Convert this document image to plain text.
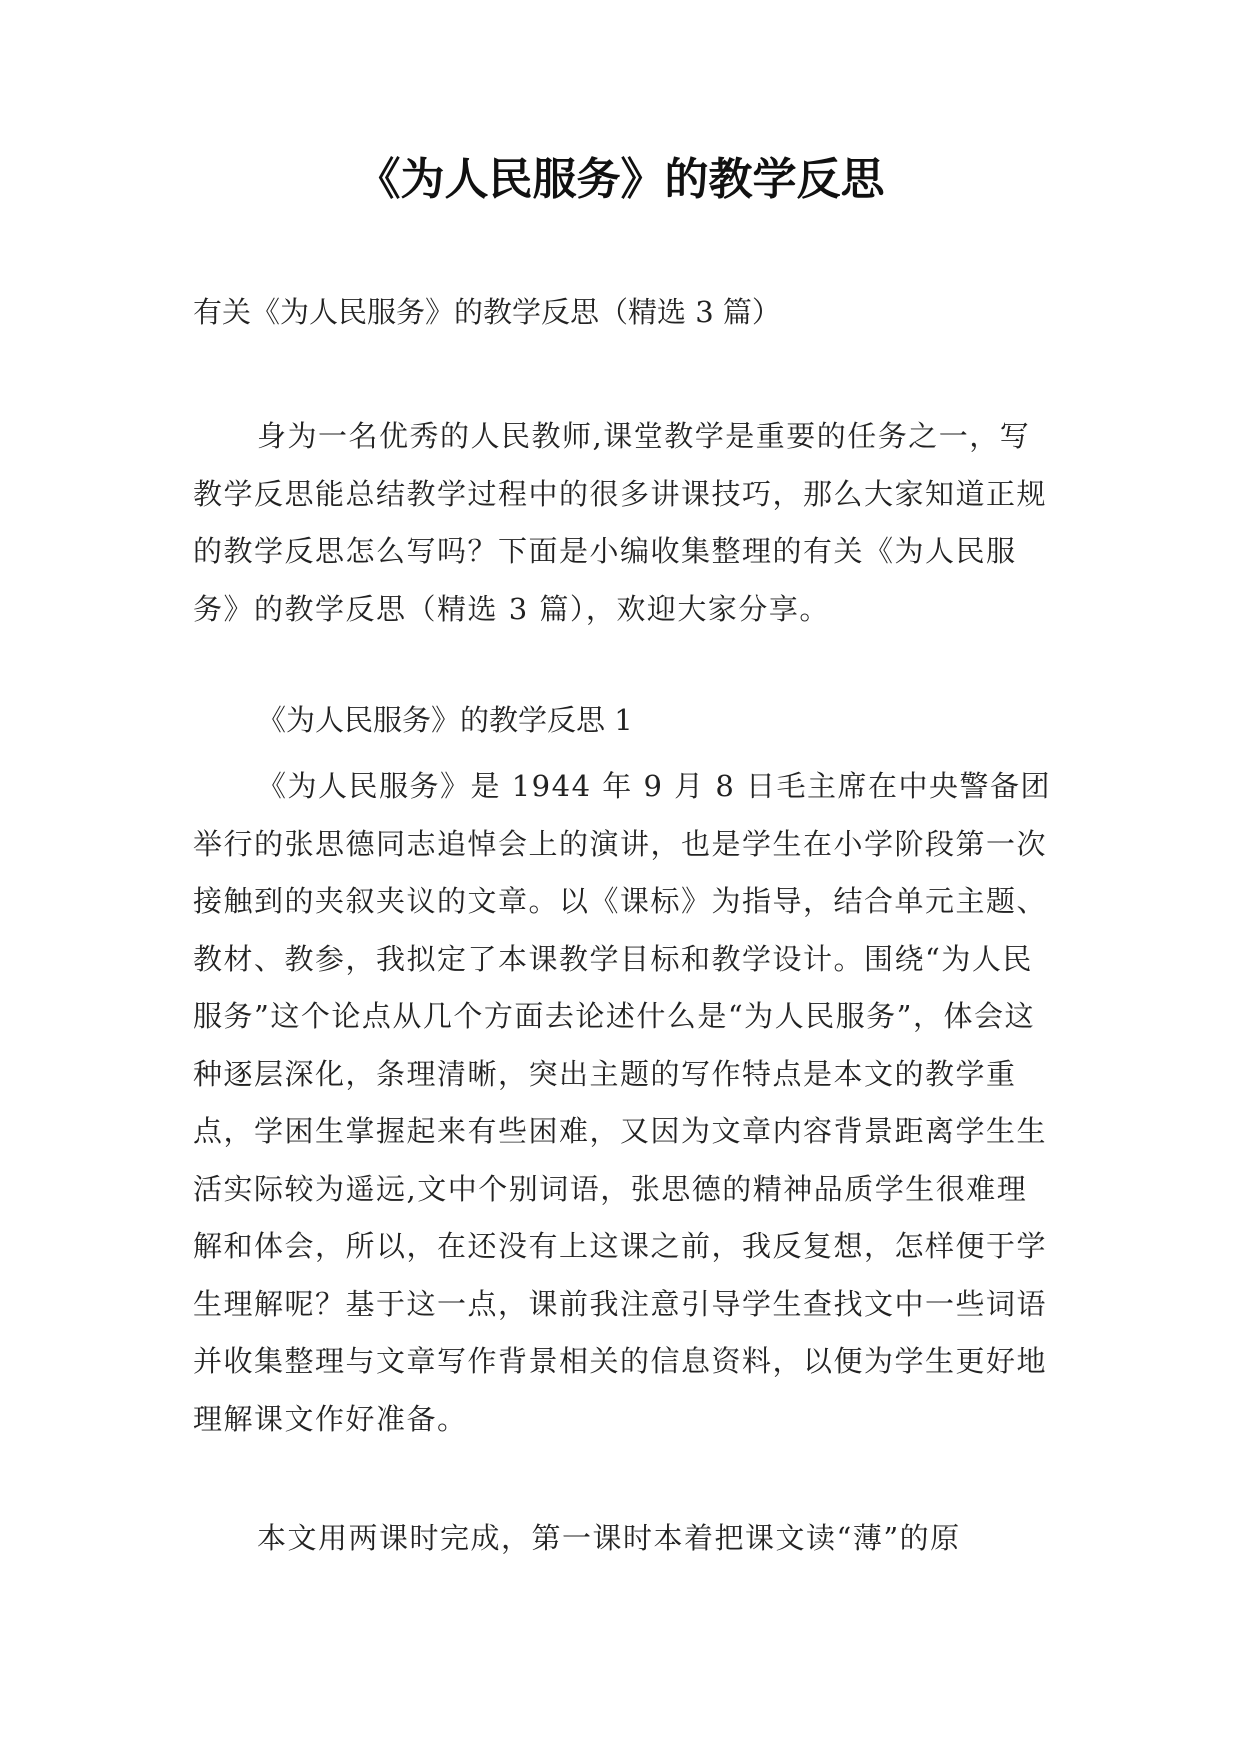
《为人民服务》的教学反思

有关《为人民服务》的教学反思（精选 3 篇）

身为一名优秀的人民教师,课堂教学是重要的任务之一，写教学反思能总结教学过程中的很多讲课技巧，那么大家知道正规的教学反思怎么写吗？下面是小编收集整理的有关《为人民服务》的教学反思（精选 3 篇），欢迎大家分享。

《为人民服务》的教学反思 1

《为人民服务》是 1944 年 9 月 8 日毛主席在中央警备团举行的张思德同志追悼会上的演讲，也是学生在小学阶段第一次接触到的夹叙夹议的文章。以《课标》为指导，结合单元主题、教材、教参，我拟定了本课教学目标和教学设计。围绕“为人民服务”这个论点从几个方面去论述什么是“为人民服务”，体会这种逐层深化，条理清晰，突出主题的写作特点是本文的教学重点，学困生掌握起来有些困难，又因为文章内容背景距离学生生活实际较为遥远,文中个别词语，张思德的精神品质学生很难理解和体会，所以，在还没有上这课之前，我反复想，怎样便于学生理解呢？基于这一点，课前我注意引导学生查找文中一些词语并收集整理与文章写作背景相关的信息资料，以便为学生更好地理解课文作好准备。

本文用两课时完成，第一课时本着把课文读“薄”的原
